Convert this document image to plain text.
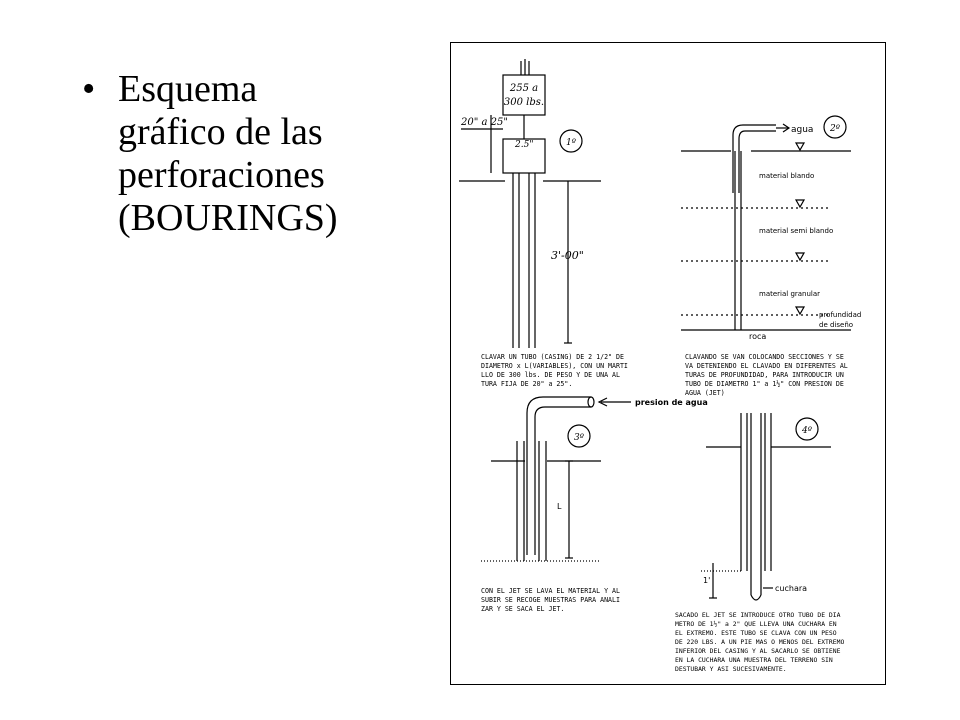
• Esquema
gráfico de las
perforaciones
(BOURINGS)
255 a
300 lbs.
20" a 25"
2.5"	1º
3'-00"
agua 2º
material blando
material semi blando
material granular
profundidad
de diseño
roca
presion de agua
3º
L
4º
1'
cuchara
CLAVAR UN TUBO (CASING) DE 2 1/2" DE
DIAMETRO x L(VARIABLES), CON UN MARTI
LLO DE 300 lbs. DE PESO Y DE UNA AL
TURA FIJA DE 20" a 25".
CLAVANDO SE VAN COLOCANDO SECCIONES Y SE
VA DETENIENDO EL CLAVADO EN DIFERENTES AL
TURAS DE PROFUNDIDAD, PARA INTRODUCIR UN
TUBO DE DIAMETRO 1" a 1½" CON PRESION DE
AGUA (JET)
CON EL JET SE LAVA EL MATERIAL Y AL
SUBIR SE RECOGE MUESTRAS PARA ANALI
ZAR Y SE SACA EL JET.
SACADO EL JET SE INTRODUCE OTRO TUBO DE DIA
METRO DE 1½" a 2" QUE LLEVA UNA CUCHARA EN
EL EXTREMO. ESTE TUBO SE CLAVA CON UN PESO
DE 220 LBS. A UN PIE MAS O MENOS DEL EXTREMO
INFERIOR DEL CASING Y AL SACARLO SE OBTIENE
EN LA CUCHARA UNA MUESTRA DEL TERRENO SIN
DESTUBAR Y ASI SUCESIVAMENTE.
